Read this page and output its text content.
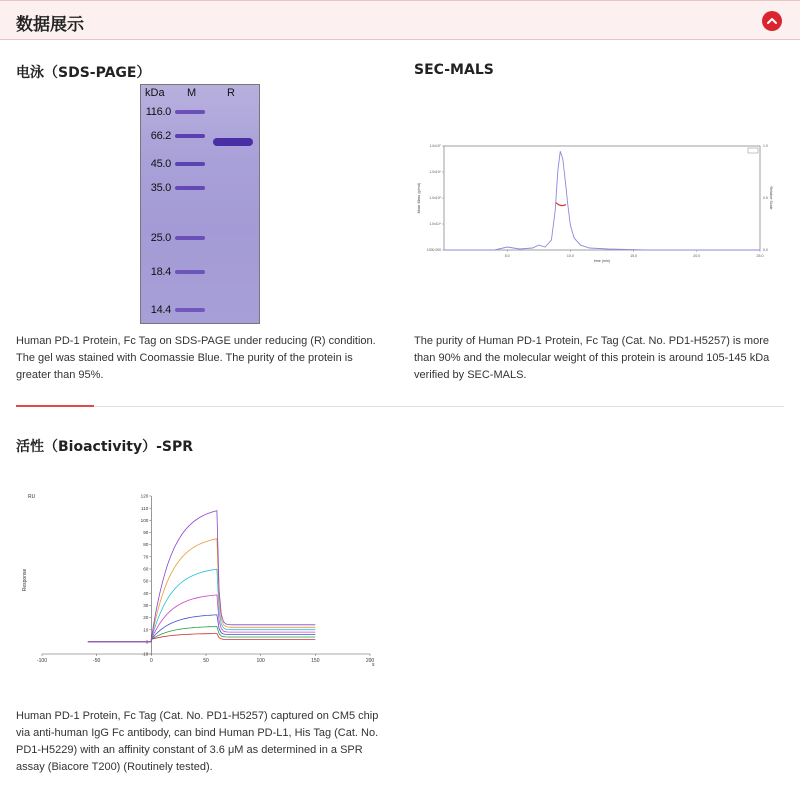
数据展示
电泳（SDS-PAGE）
kDa M	R
116.0
66.2
45.0
35.0
25.0
18.4
14.4
Human PD-1 Protein, Fc Tag on SDS-PAGE under reducing (R) condition. The gel was stained with Coomassie Blue. The purity of the protein is greater than 95%.
SEC-MALS
5.0	10.0	15.0	20.0	25.0
1000.000
1.0x10⁴
1.0x10⁵
1.0x10⁶
1.0x10⁷
0.0
0.5
1.0
time (min)
Molar Mass (g/mol)	Relative Scale
The purity of Human PD-1 Protein, Fc Tag (Cat. No. PD1-H5257) is more than 90% and the molecular weight of this protein is around 105-145 kDa verified by SEC-MALS.
活性（Bioactivity）-SPR
-100	-50	0	50	100	150	200
-10
0
10
20
30
40
50
60
70
80
90
100
110
120
RU
Response
s
Human PD-1 Protein, Fc Tag (Cat. No. PD1-H5257) captured on CM5 chip via anti-human IgG Fc antibody, can bind Human PD-L1, His Tag (Cat. No. PD1-H5229) with an affinity constant of 3.6 μM as determined in a SPR assay (Biacore T200) (Routinely tested).
